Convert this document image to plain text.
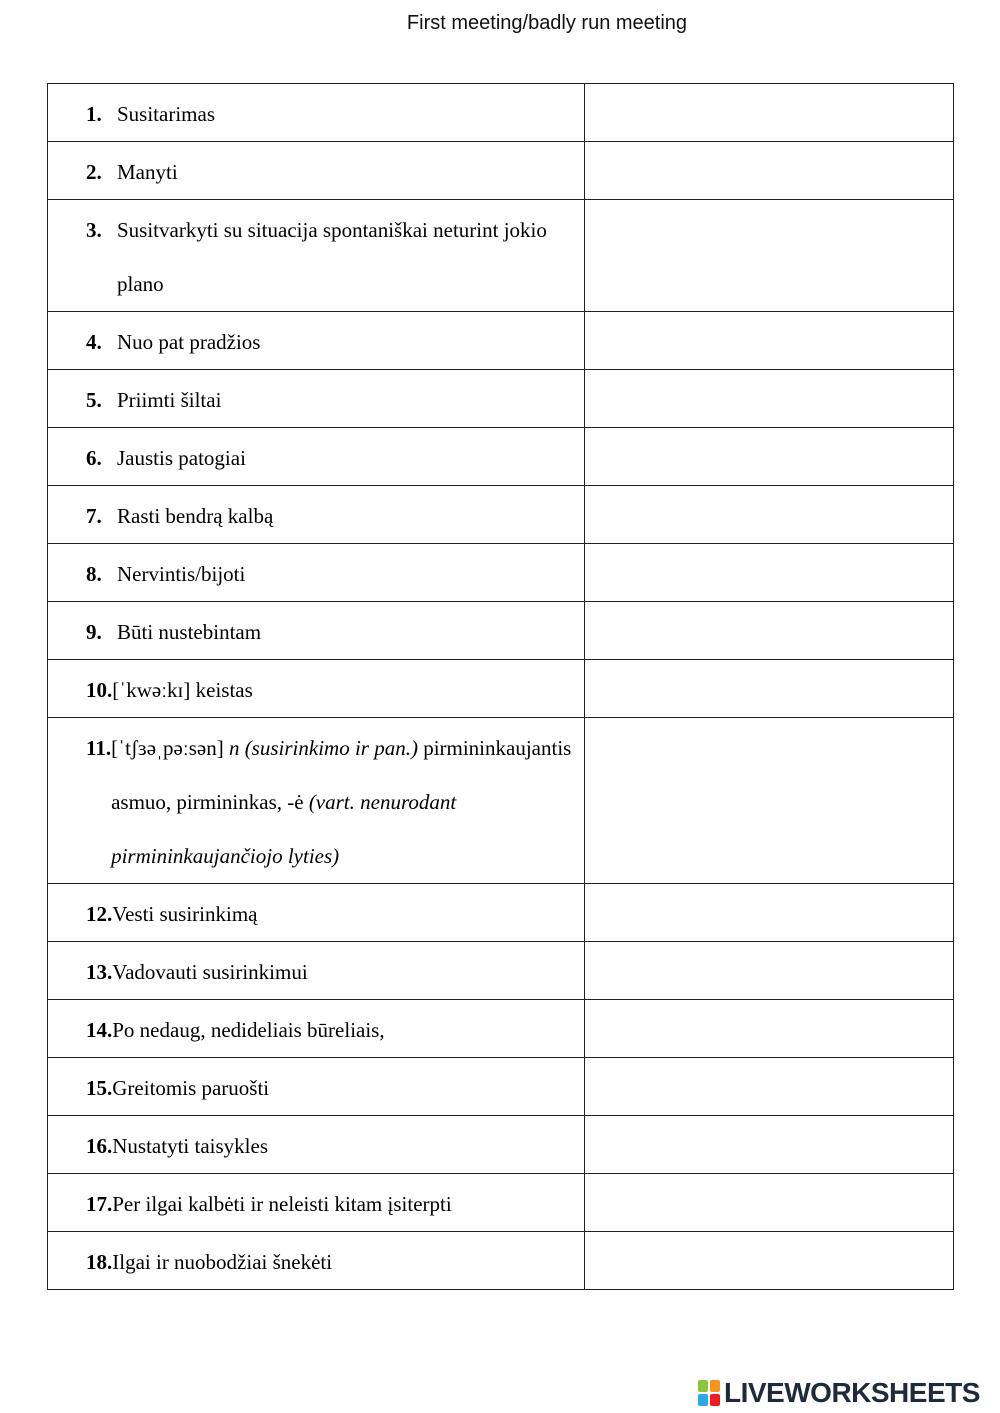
First meeting/badly run meeting
1. Susitarimas	

2. Manyti	

3. Susitvarkyti su situacija spontaniškai neturint jokio plano	

4. Nuo pat pradžios	

5. Priimti šiltai	

6. Jaustis patogiai	

7. Rasti bendrą kalbą	

8. Nervintis/bijoti	

9. Būti nustebintam	

10. [ˈkwəːkɪ] keistas	

11. [ˈtʃɜəˌpəːsən] n (susirinkimo ir pan.) pirmininkaujantis asmuo, pirmininkas, -ė (vart. nenurodant pirmininkaujančiojo lyties)	

12. Vesti susirinkimą	

13. Vadovauti susirinkimui	

14. Po nedaug, nedideliais būreliais,	

15. Greitomis paruošti	

16. Nustatyti taisykles	

17. Per ilgai kalbėti ir neleisti kitam įsiterpti	

18. Ilgai ir nuobodžiai šnekėti	

LIVEWORKSHEETS
